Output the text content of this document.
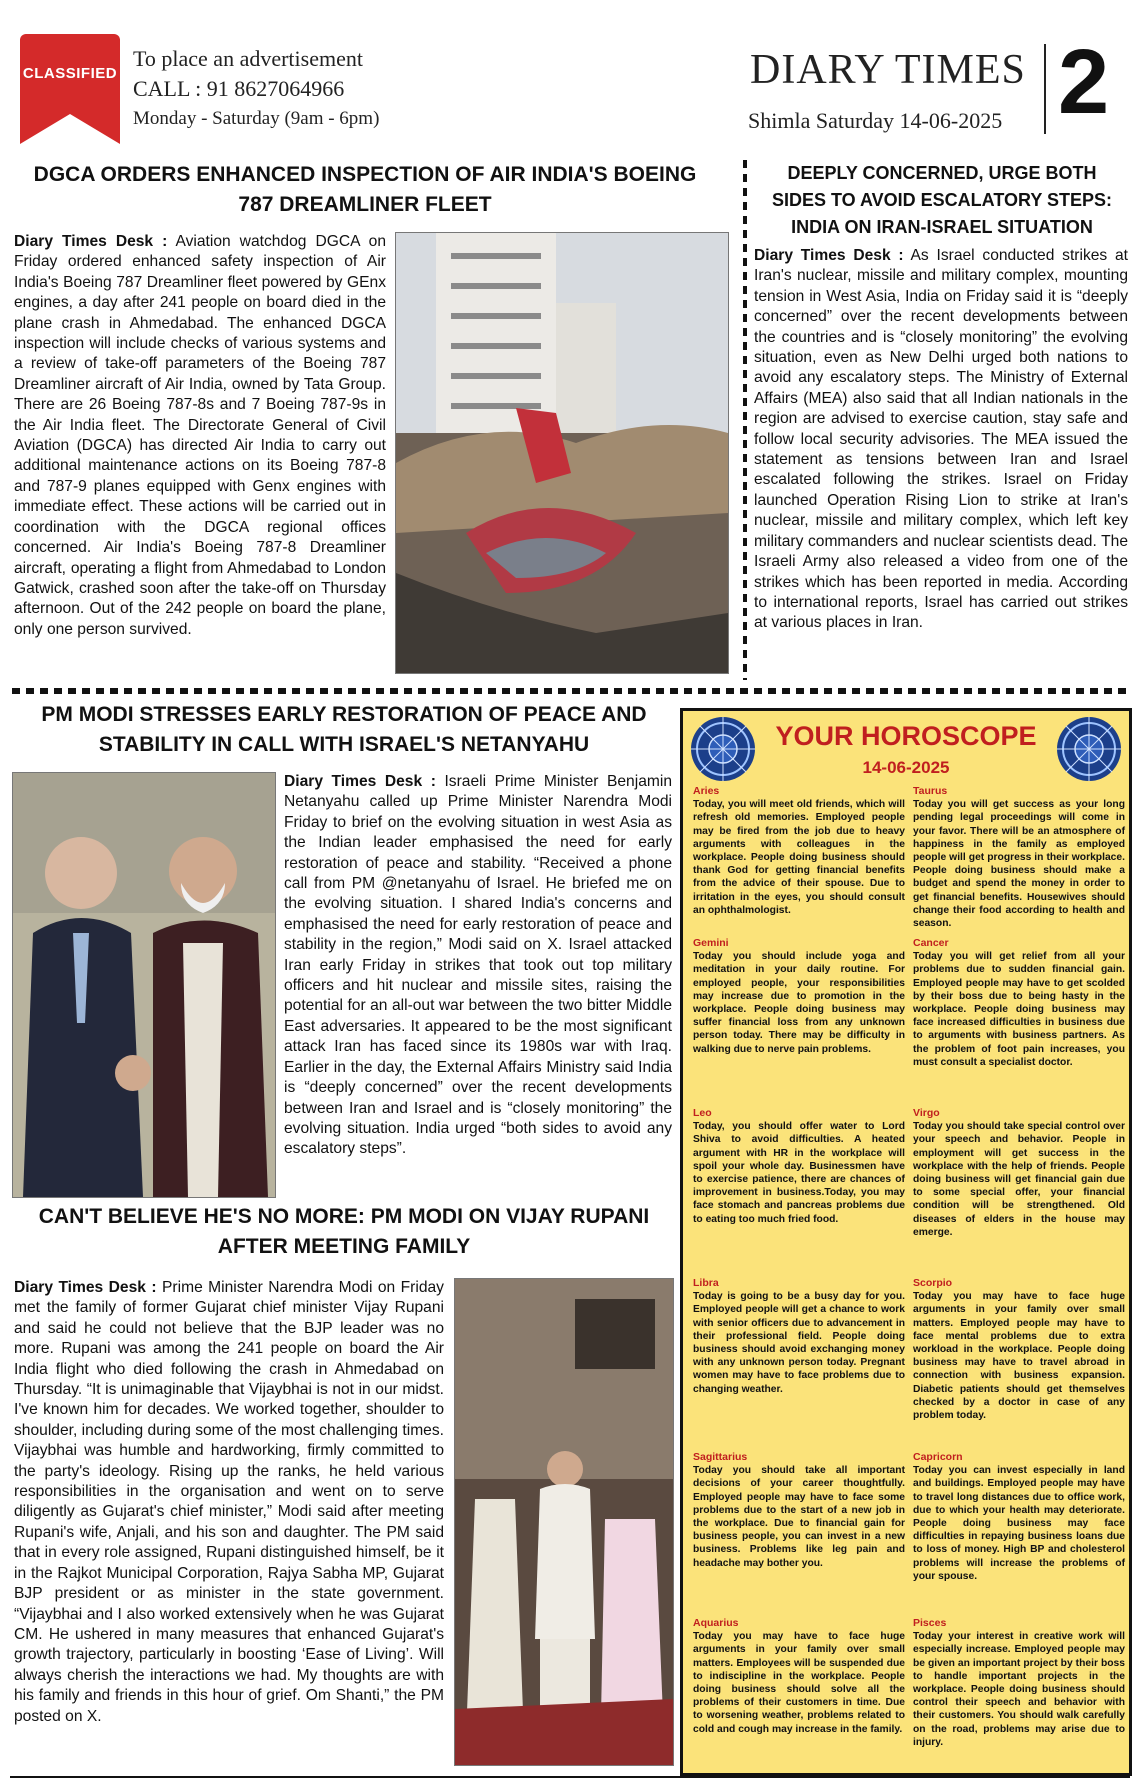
CLASSIFIED
To place an advertisement
CALL : 91 8627064966
Monday - Saturday (9am - 6pm)
DIARY TIMES
Shimla Saturday 14-06-2025 2
DGCA ORDERS ENHANCED INSPECTION OF AIR INDIA'S BOEING 787 DREAMLINER FLEET
Diary Times Desk : Aviation watchdog DGCA on Friday ordered enhanced safety inspection of Air India's Boeing 787 Dreamliner fleet powered by GEnx engines, a day after 241 people on board died in the plane crash in Ahmedabad. The enhanced DGCA inspection will include checks of various systems and a review of take-off parameters of the Boeing 787 Dreamliner aircraft of Air India, owned by Tata Group. There are 26 Boeing 787-8s and 7 Boeing 787-9s in the Air India fleet. The Directorate General of Civil Aviation (DGCA) has directed Air India to carry out additional maintenance actions on its Boeing 787-8 and 787-9 planes equipped with Genx engines with immediate effect. These actions will be carried out in coordination with the DGCA regional offices concerned. Air India's Boeing 787-8 Dreamliner aircraft, operating a flight from Ahmedabad to London Gatwick, crashed soon after the take-off on Thursday afternoon. Out of the 242 people on board the plane, only one person survived.
DEEPLY CONCERNED, URGE BOTH SIDES TO AVOID ESCALATORY STEPS: INDIA ON IRAN-ISRAEL SITUATION
Diary Times Desk : As Israel conducted strikes at Iran's nuclear, missile and military complex, mounting tension in West Asia, India on Friday said it is “deeply concerned” over the recent developments between the countries and is “closely monitoring” the evolving situation, even as New Delhi urged both nations to avoid any escalatory steps. The Ministry of External Affairs (MEA) also said that all Indian nationals in the region are advised to exercise caution, stay safe and follow local security advisories. The MEA issued the statement as tensions between Iran and Israel escalated following the strikes. Israel on Friday launched Operation Rising Lion to strike at Iran's nuclear, missile and military complex, which left key military commanders and nuclear scientists dead. The Israeli Army also released a video from one of the strikes which has been reported in media. According to international reports, Israel has carried out strikes at various places in Iran.
PM MODI STRESSES EARLY RESTORATION OF PEACE AND STABILITY IN CALL WITH ISRAEL'S NETANYAHU
Diary Times Desk : Israeli Prime Minister Benjamin Netanyahu called up Prime Minister Narendra Modi Friday to brief on the evolving situation in west Asia as the Indian leader emphasised the need for early restoration of peace and stability. “Received a phone call from PM @netanyahu of Israel. He briefed me on the evolving situation. I shared India's concerns and emphasised the need for early restoration of peace and stability in the region,” Modi said on X. Israel attacked Iran early Friday in strikes that took out top military officers and hit nuclear and missile sites, raising the potential for an all-out war between the two bitter Middle East adversaries. It appeared to be the most significant attack Iran has faced since its 1980s war with Iraq. Earlier in the day, the External Affairs Ministry said India is “deeply concerned” over the recent developments between Iran and Israel and is “closely monitoring” the evolving situation. India urged “both sides to avoid any escalatory steps”.
CAN'T BELIEVE HE'S NO MORE: PM MODI ON VIJAY RUPANI AFTER MEETING FAMILY
Diary Times Desk : Prime Minister Narendra Modi on Friday met the family of former Gujarat chief minister Vijay Rupani and said he could not believe that the BJP leader was no more. Rupani was among the 241 people on board the Air India flight who died following the crash in Ahmedabad on Thursday. “It is unimaginable that Vijaybhai is not in our midst. I've known him for decades. We worked together, shoulder to shoulder, including during some of the most challenging times. Vijaybhai was humble and hardworking, firmly committed to the party's ideology. Rising up the ranks, he held various responsibilities in the organisation and went on to serve diligently as Gujarat's chief minister,” Modi said after meeting Rupani's wife, Anjali, and his son and daughter. The PM said that in every role assigned, Rupani distinguished himself, be it in the Rajkot Municipal Corporation, Rajya Sabha MP, Gujarat BJP president or as minister in the state government. “Vijaybhai and I also worked extensively when he was Gujarat CM. He ushered in many measures that enhanced Gujarat's growth trajectory, particularly in boosting ‘Ease of Living’. Will always cherish the interactions we had. My thoughts are with his family and friends in this hour of grief. Om Shanti,” the PM posted on X.
YOUR HOROSCOPE
14-06-2025
Aries
Today, you will meet old friends, which will refresh old memories. Employed people may be fired from the job due to heavy arguments with colleagues in the workplace. People doing business should thank God for getting financial benefits from the advice of their spouse. Due to irritation in the eyes, you should consult an ophthalmologist.
Taurus
Today you will get success as your long pending legal proceedings will come in your favor. There will be an atmosphere of happiness in the family as employed people will get progress in their workplace. People doing business should make a budget and spend the money in order to get financial benefits. Housewives should change their food according to health and season.
Gemini
Today you should include yoga and meditation in your daily routine. For employed people, your responsibilities may increase due to promotion in the workplace. People doing business may suffer financial loss from any unknown person today. There may be difficulty in walking due to nerve pain problems.
Cancer
Today you will get relief from all your problems due to sudden financial gain. Employed people may have to get scolded by their boss due to being hasty in the workplace. People doing business may face increased difficulties in business due to arguments with business partners. As the problem of foot pain increases, you must consult a specialist doctor.
Leo
Today, you should offer water to Lord Shiva to avoid difficulties. A heated argument with HR in the workplace will spoil your whole day. Businessmen have to exercise patience, there are chances of improvement in business.Today, you may face stomach and pancreas problems due to eating too much fried food.
Virgo
Today you should take special control over your speech and behavior. People in employment will get success in the workplace with the help of friends. People doing business will get financial gain due to some special offer, your financial condition will be strengthened. Old diseases of elders in the house may emerge.
Libra
Today is going to be a busy day for you. Employed people will get a chance to work with senior officers due to advancement in their professional field. People doing business should avoid exchanging money with any unknown person today. Pregnant women may have to face problems due to changing weather.
Scorpio
Today you may have to face huge arguments in your family over small matters. Employed people may have to face mental problems due to extra workload in the workplace. People doing business may have to travel abroad in connection with business expansion. Diabetic patients should get themselves checked by a doctor in case of any problem today.
Sagittarius
Today you should take all important decisions of your career thoughtfully. Employed people may have to face some problems due to the start of a new job in the workplace. Due to financial gain for business people, you can invest in a new business. Problems like leg pain and headache may bother you.
Capricorn
Today you can invest especially in land and buildings. Employed people may have to travel long distances due to office work, due to which your health may deteriorate. People doing business may face difficulties in repaying business loans due to loss of money. High BP and cholesterol problems will increase the problems of your spouse.
Aquarius
Today you may have to face huge arguments in your family over small matters. Employees will be suspended due to indiscipline in the workplace. People doing business should solve all the problems of their customers in time. Due to worsening weather, problems related to cold and cough may increase in the family.
Pisces
Today your interest in creative work will especially increase. Employed people may be given an important project by their boss to handle important projects in the workplace. People doing business should control their speech and behavior with their customers. You should walk carefully on the road, problems may arise due to injury.
